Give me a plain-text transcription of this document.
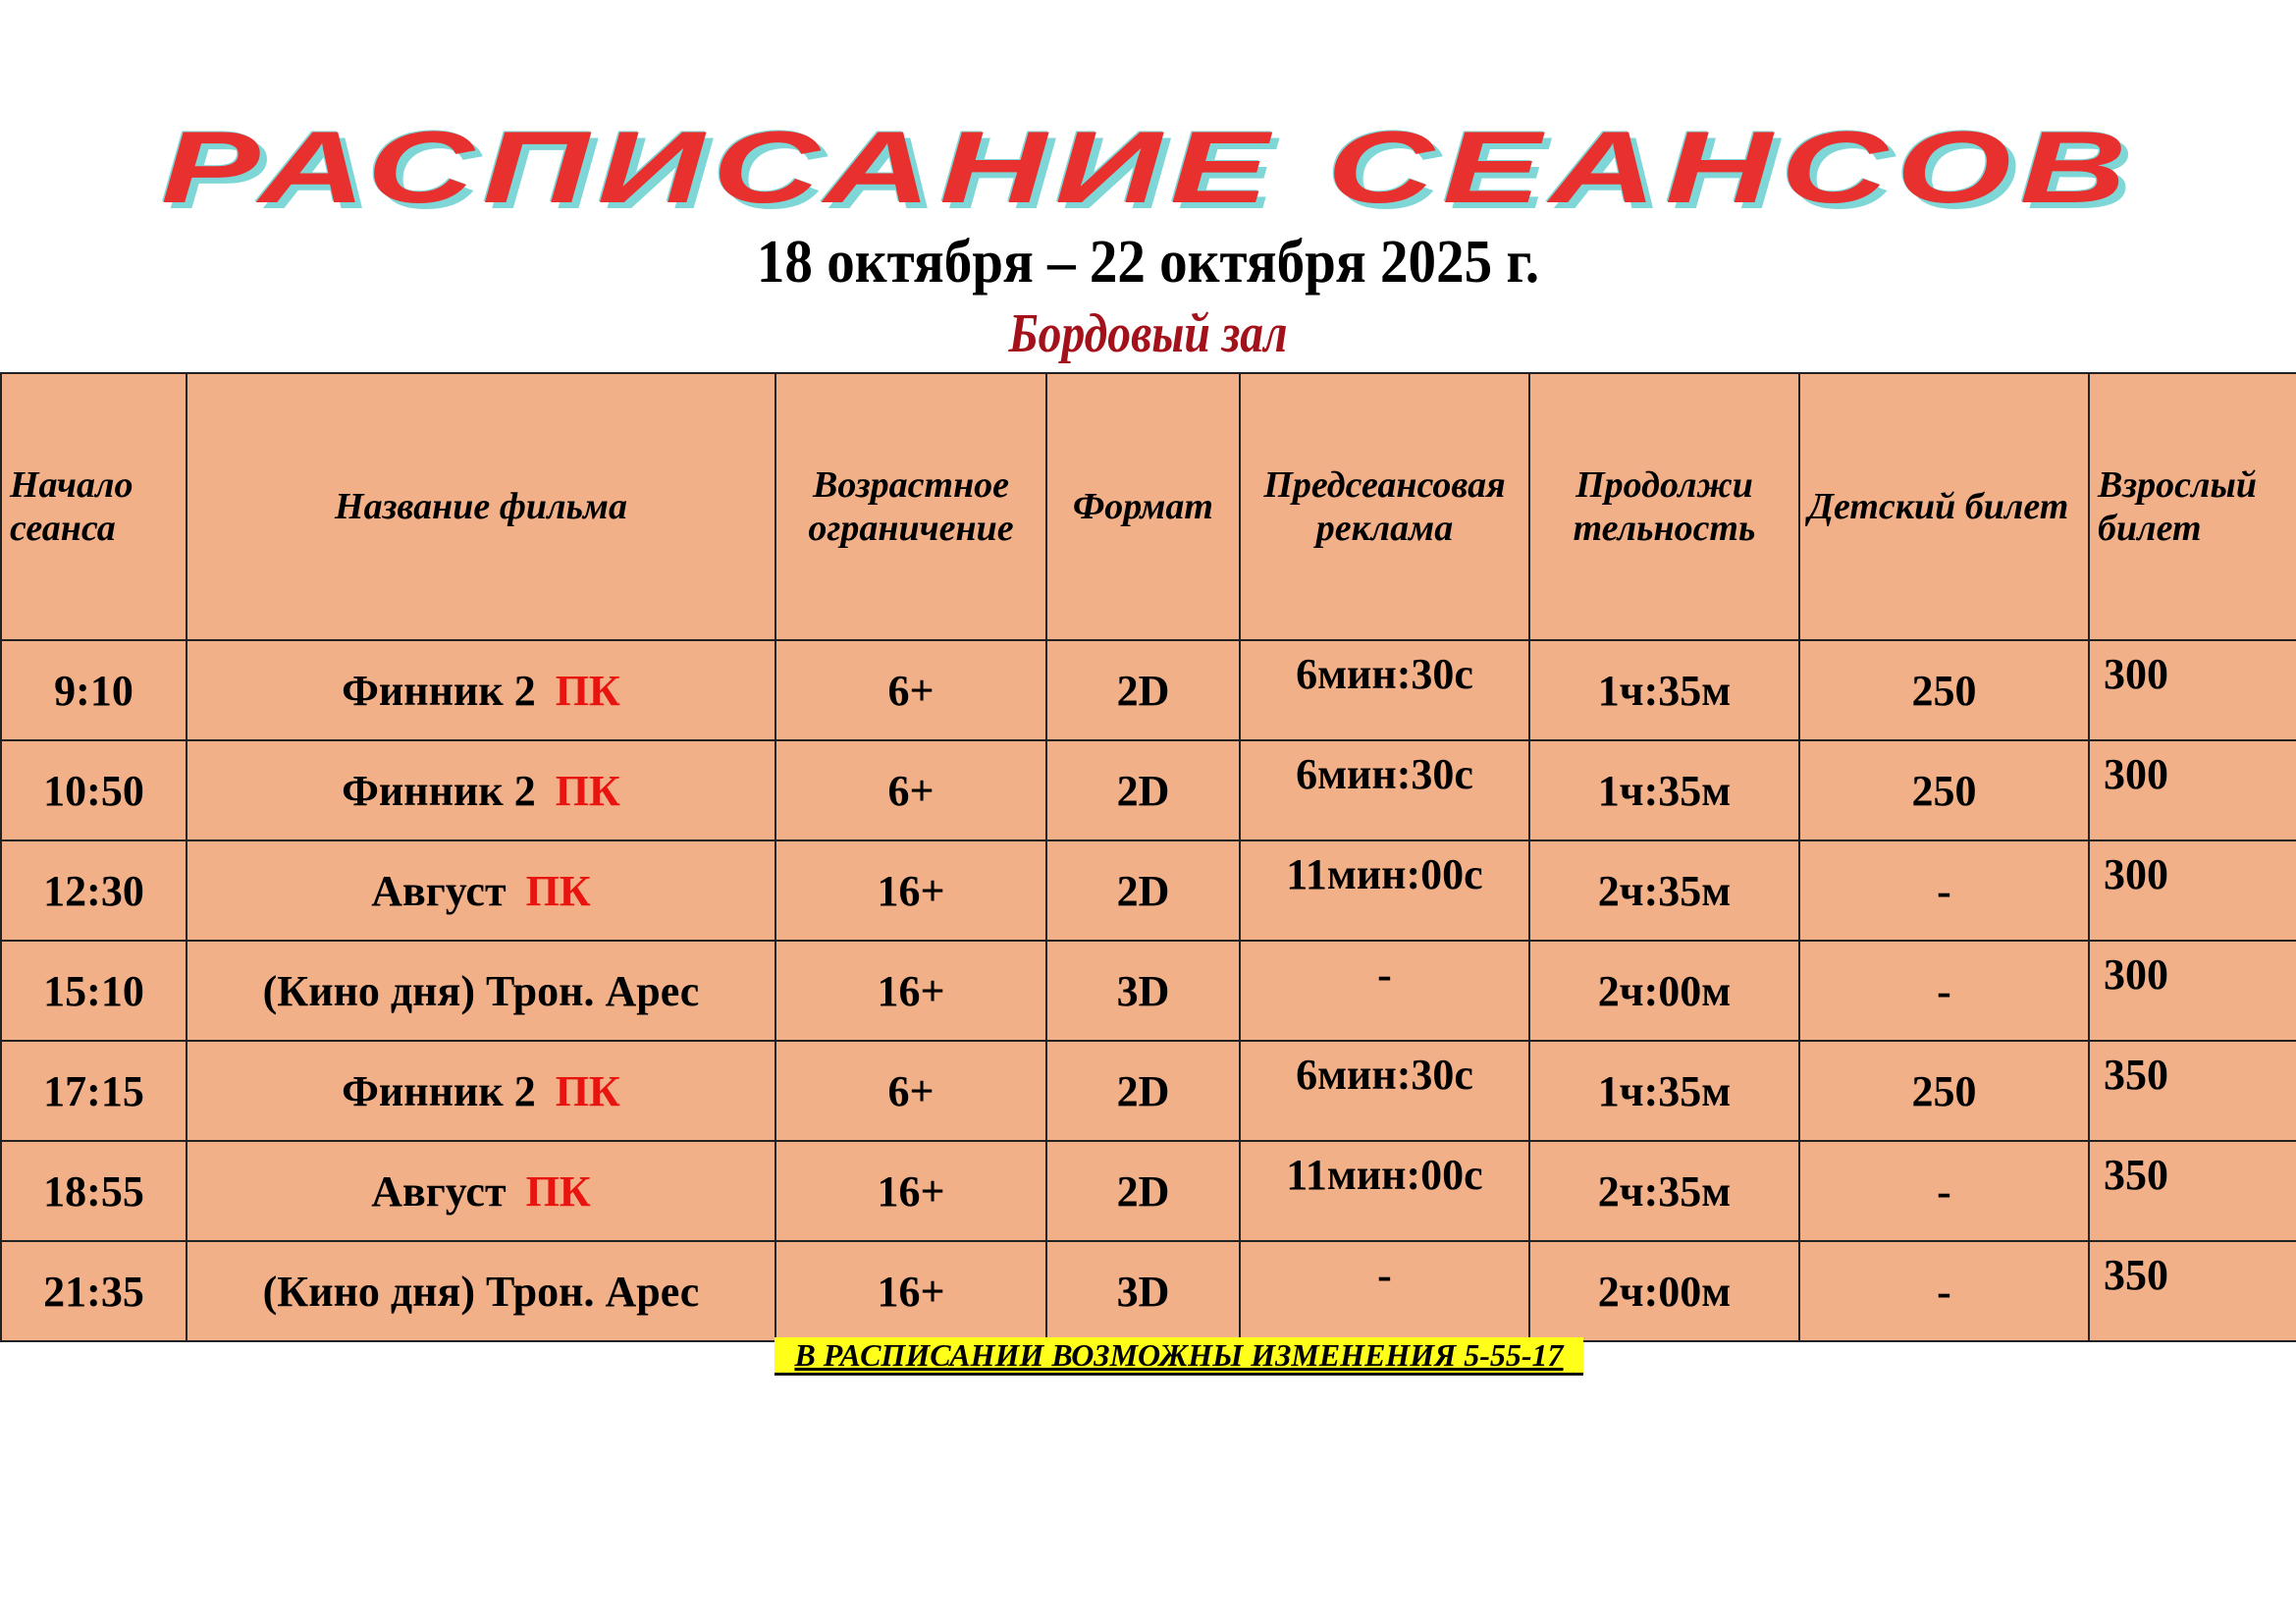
РАСПИСАНИЕ СЕАНСОВ
18 октября – 22 октября 2025 г.
Бордовый зал
Начало сеанса	Название фильма	Возрастное ограничение	Формат	Предсеансовая реклама	Продолжи тельность	Детский билет	Взрослый билет
9:10	Финник 2 ПК	6+	2D	6мин:30с	1ч:35м	250	300
10:50	Финник 2 ПК	6+	2D	6мин:30с	1ч:35м	250	300
12:30	Август ПК	16+	2D	11мин:00с	2ч:35м	-	300
15:10	(Кино дня) Трон. Арес	16+	3D	-	2ч:00м	-	300
17:15	Финник 2 ПК	6+	2D	6мин:30с	1ч:35м	250	350
18:55	Август ПК	16+	2D	11мин:00с	2ч:35м	-	350
21:35	(Кино дня) Трон. Арес	16+	3D	-	2ч:00м	-	350
В РАСПИСАНИИ ВОЗМОЖНЫ ИЗМЕНЕНИЯ 5-55-17
